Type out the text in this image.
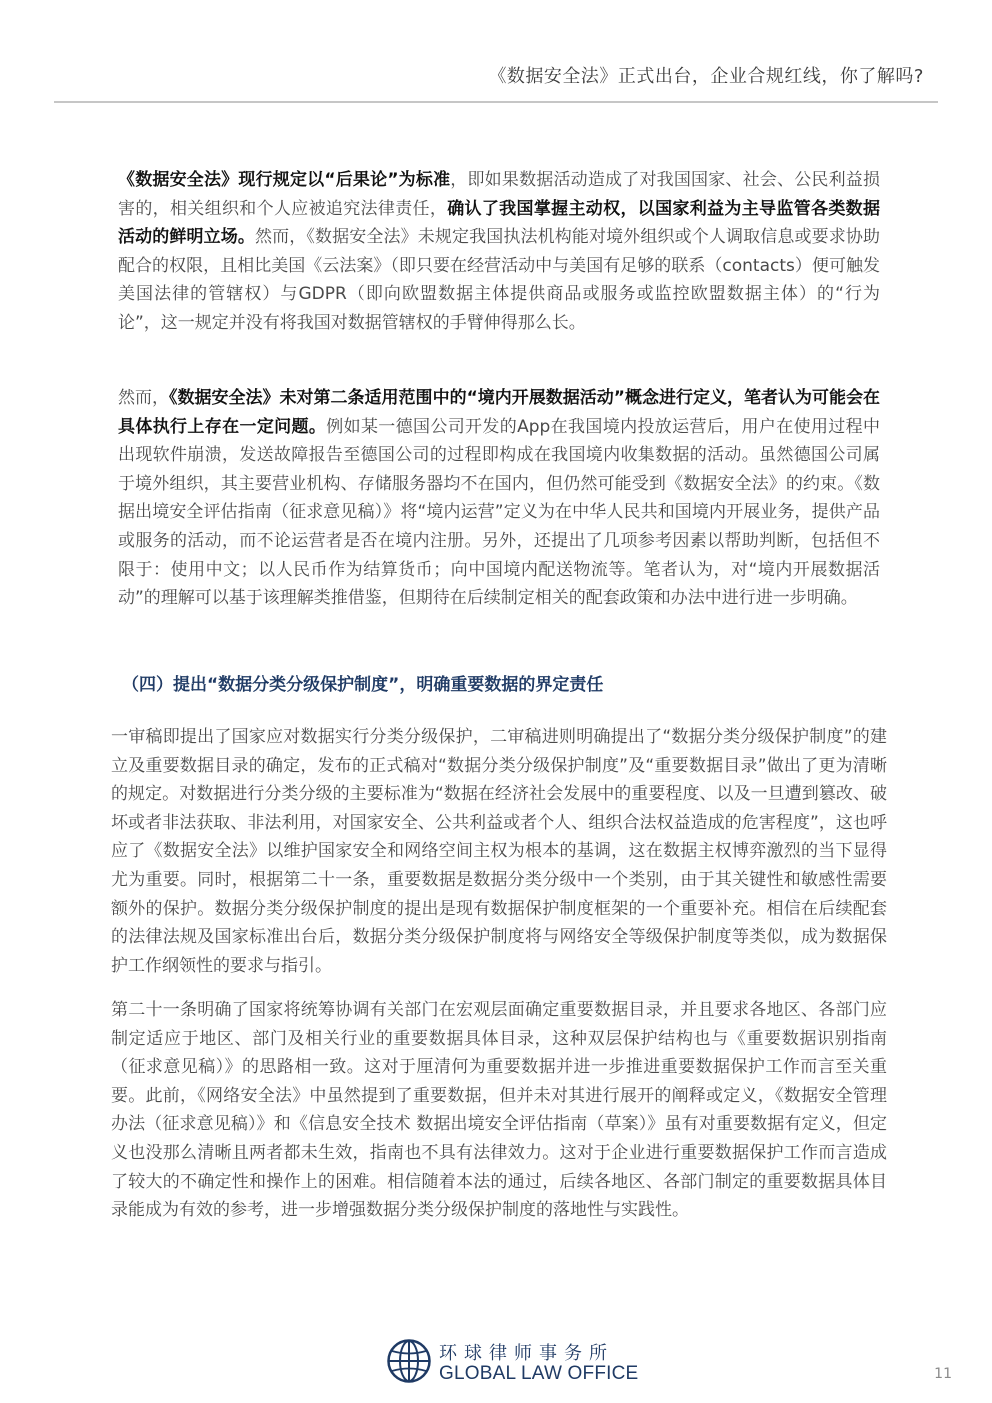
《数据安全法》正式出台，企业合规红线，你了解吗?

《数据安全法》现行规定以“后果论”为标准，即如果数据活动造成了对我国国家、社会、公民利益损害的，相关组织和个人应被追究法律责任，确认了我国掌握主动权，以国家利益为主导监管各类数据活动的鲜明立场。然而，《数据安全法》未规定我国执法机构能对境外组织或个人调取信息或要求协助配合的权限，且相比美国《云法案》（即只要在经营活动中与美国有足够的联系（contacts）便可触发美国法律的管辖权）与GDPR（即向欧盟数据主体提供商品或服务或监控欧盟数据主体）的“行为论”，这一规定并没有将我国对数据管辖权的手臂伸得那么长。

然而，《数据安全法》未对第二条适用范围中的“境内开展数据活动”概念进行定义，笔者认为可能会在具体执行上存在一定问题。例如某一德国公司开发的App在我国境内投放运营后，用户在使用过程中出现软件崩溃，发送故障报告至德国公司的过程即构成在我国境内收集数据的活动。虽然德国公司属于境外组织，其主要营业机构、存储服务器均不在国内，但仍然可能受到《数据安全法》的约束。《数据出境安全评估指南（征求意见稿）》将“境内运营”定义为在中华人民共和国境内开展业务，提供产品或服务的活动，而不论运营者是否在境内注册。另外，还提出了几项参考因素以帮助判断，包括但不限于：使用中文；以人民币作为结算货币；向中国境内配送物流等。笔者认为，对“境内开展数据活动”的理解可以基于该理解类推借鉴，但期待在后续制定相关的配套政策和办法中进行进一步明确。

（四）提出“数据分类分级保护制度”，明确重要数据的界定责任

一审稿即提出了国家应对数据实行分类分级保护，二审稿进则明确提出了“数据分类分级保护制度”的建立及重要数据目录的确定，发布的正式稿对“数据分类分级保护制度”及“重要数据目录”做出了更为清晰的规定。对数据进行分类分级的主要标准为“数据在经济社会发展中的重要程度、以及一旦遭到篡改、破坏或者非法获取、非法利用，对国家安全、公共利益或者个人、组织合法权益造成的危害程度”，这也呼应了《数据安全法》以维护国家安全和网络空间主权为根本的基调，这在数据主权博弈激烈的当下显得尤为重要。同时，根据第二十一条，重要数据是数据分类分级中一个类别，由于其关键性和敏感性需要额外的保护。数据分类分级保护制度的提出是现有数据保护制度框架的一个重要补充。相信在后续配套的法律法规及国家标准出台后，数据分类分级保护制度将与网络安全等级保护制度等类似，成为数据保护工作纲领性的要求与指引。

第二十一条明确了国家将统筹协调有关部门在宏观层面确定重要数据目录，并且要求各地区、各部门应制定适应于地区、部门及相关行业的重要数据具体目录，这种双层保护结构也与《重要数据识别指南（征求意见稿）》的思路相一致。这对于厘清何为重要数据并进一步推进重要数据保护工作而言至关重要。此前，《网络安全法》中虽然提到了重要数据，但并未对其进行展开的阐释或定义，《数据安全管理办法（征求意见稿）》和《信息安全技术 数据出境安全评估指南（草案）》虽有对重要数据有定义，但定义也没那么清晰且两者都未生效，指南也不具有法律效力。这对于企业进行重要数据保护工作而言造成了较大的不确定性和操作上的困难。相信随着本法的通过，后续各地区、各部门制定的重要数据具体目录能成为有效的参考，进一步增强数据分类分级保护制度的落地性与实践性。

环球律师事务所
GLOBAL LAW OFFICE	11
